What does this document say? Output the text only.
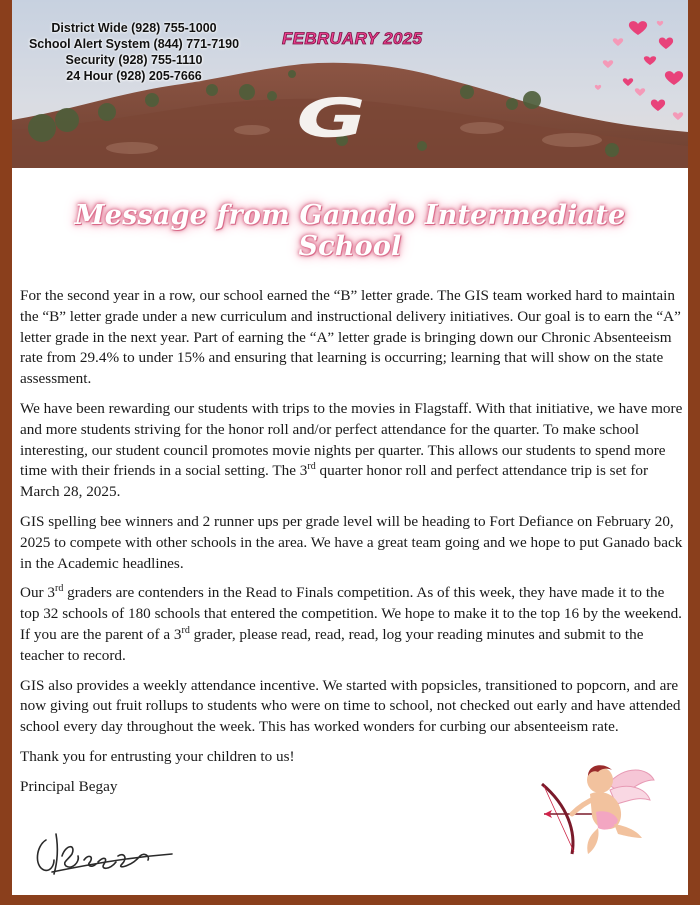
District Wide (928) 755-1000
School Alert System (844) 771-7190
Security (928) 755-1110
24 Hour (928) 205-7666
FEBRUARY 2025
G
Message from Ganado Intermediate School

For the second year in a row, our school earned the “B” letter grade. The GIS team worked hard to maintain the “B” letter grade under a new curriculum and instructional delivery initiatives. Our goal is to earn the “A” letter grade in the next year. Part of earning the “A” letter grade is bringing down our Chronic Absenteeism rate from 29.4% to under 15% and ensuring that learning is occurring; learning that will show on the state assessment.

We have been rewarding our students with trips to the movies in Flagstaff. With that initiative, we have more and more students striving for the honor roll and/or perfect attendance for the quarter. To make school interesting, our student council promotes movie nights per quarter. This allows our students to spend more time with their friends in a social setting. The 3rd quarter honor roll and perfect attendance trip is set for March 28, 2025.

GIS spelling bee winners and 2 runner ups per grade level will be heading to Fort Defiance on February 20, 2025 to compete with other schools in the area. We have a great team going and we hope to put Ganado back in the Academic headlines.

Our 3rd graders are contenders in the Read to Finals competition. As of this week, they have made it to the top 32 schools of 180 schools that entered the competition. We hope to make it to the top 16 by the weekend. If you are the parent of a 3rd grader, please read, read, read, log your reading minutes and submit to the teacher to record.

GIS also provides a weekly attendance incentive. We started with popsicles, transitioned to popcorn, and are now giving out fruit rollups to students who were on time to school, not checked out early and have attended school every day throughout the week. This has worked wonders for curbing our absenteeism rate.

Thank you for entrusting your children to us!

Principal Begay
